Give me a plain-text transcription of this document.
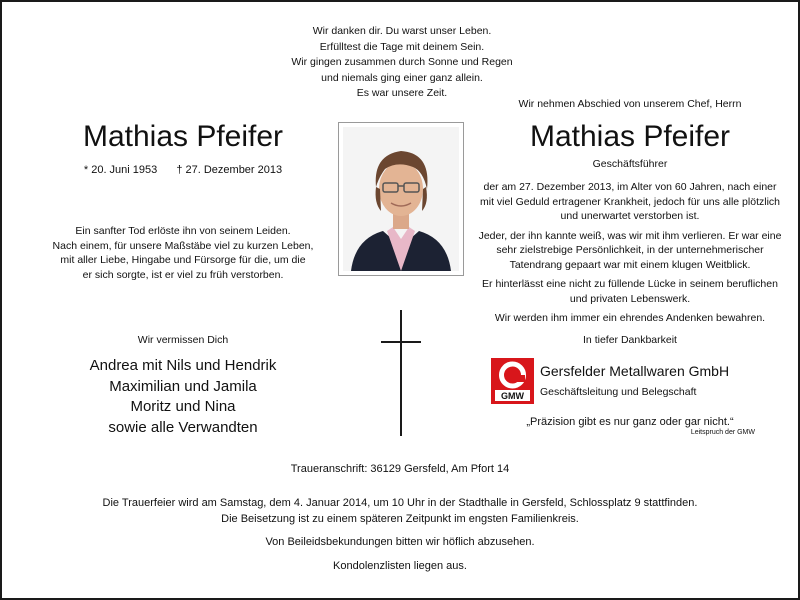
Wir danken dir. Du warst unser Leben.
Erfülltest die Tage mit deinem Sein.
Wir gingen zusammen durch Sonne und Regen
und niemals ging einer ganz allein.
Es war unsere Zeit.
Wir nehmen Abschied von unserem Chef, Herrn
Mathias Pfeifer	Mathias Pfeifer
* 20. Juni 1953 † 27. Dezember 2013	Geschäftsführer
Ein sanfter Tod erlöste ihn von seinem Leiden.
Nach einem, für unsere Maßstäbe viel zu kurzen Leben,
mit aller Liebe, Hingabe und Fürsorge für die, um die
er sich sorgte, ist er viel zu früh verstorben.

der am 27. Dezember 2013, im Alter von 60 Jahren, nach einer mit viel Geduld ertragener Krankheit, jedoch für uns alle plötzlich und unerwartet verstorben ist.

Jeder, der ihn kannte weiß, was wir mit ihm verlieren. Er war eine sehr zielstrebige Persönlichkeit, in der unternehmerischer Tatendrang gepaart war mit einem klugen Weitblick.

Er hinterlässt eine nicht zu füllende Lücke in seinem beruflichen und privaten Lebenswerk.

Wir werden ihm immer ein ehrendes Andenken bewahren.

Wir vermissen Dich
Andrea mit Nils und Hendrik
Maximilian und Jamila
Moritz und Nina
sowie alle Verwandten
In tiefer Dankbarkeit
GMW
Gersfelder Metallwaren GmbH
Geschäftsleitung und Belegschaft
„Präzision gibt es nur ganz oder gar nicht.“
Leitspruch der GMW
Traueranschrift: 36129 Gersfeld, Am Pfort 14
Die Trauerfeier wird am Samstag, dem 4. Januar 2014, um 10 Uhr in der Stadthalle in Gersfeld, Schlossplatz 9 stattfinden.
Die Beisetzung ist zu einem späteren Zeitpunkt im engsten Familienkreis.
Von Beileidsbekundungen bitten wir höflich abzusehen.
Kondolenzlisten liegen aus.
